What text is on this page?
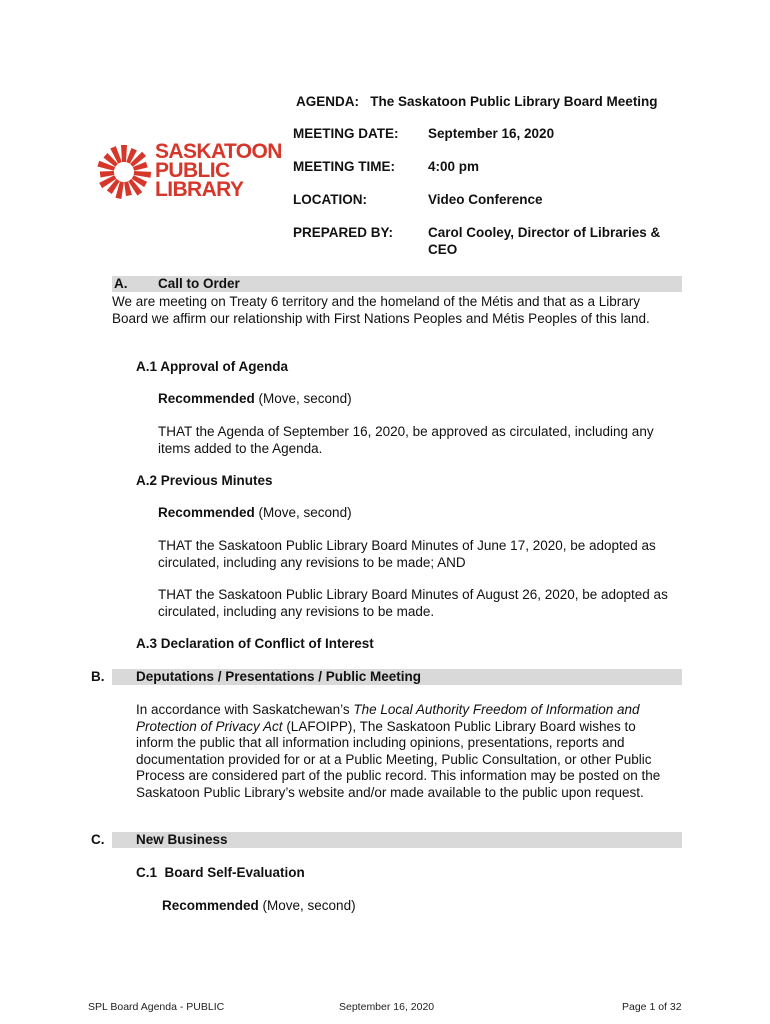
SASKATOON
PUBLIC
LIBRARY
AGENDA:   The Saskatoon Public Library Board Meeting
MEETING DATE: September 16, 2020
MEETING TIME: 4:00 pm
LOCATION:	Video Conference
PREPARED BY:	Carol Cooley, Director of Libraries & CEO
A. Call to Order
We are meeting on Treaty 6 territory and the homeland of the Métis and that as a Library Board we affirm our relationship with First Nations Peoples and Métis Peoples of this land.
A.1 Approval of Agenda
Recommended (Move, second)
THAT the Agenda of September 16, 2020, be approved as circulated, including any items added to the Agenda.
A.2 Previous Minutes
Recommended (Move, second)
THAT the Saskatoon Public Library Board Minutes of June 17, 2020, be adopted as circulated, including any revisions to be made; AND
THAT the Saskatoon Public Library Board Minutes of August 26, 2020, be adopted as circulated, including any revisions to be made.
A.3 Declaration of Conflict of Interest
B. Deputations / Presentations / Public Meeting
In accordance with Saskatchewan’s The Local Authority Freedom of Information and Protection of Privacy Act (LAFOIPP), The Saskatoon Public Library Board wishes to inform the public that all information including opinions, presentations, reports and documentation provided for or at a Public Meeting, Public Consultation, or other Public Process are considered part of the public record. This information may be posted on the Saskatoon Public Library’s website and/or made available to the public upon request.
C. New Business
C.1  Board Self-Evaluation
Recommended (Move, second)
SPL Board Agenda - PUBLIC	September 16, 2020	Page 1 of 32
